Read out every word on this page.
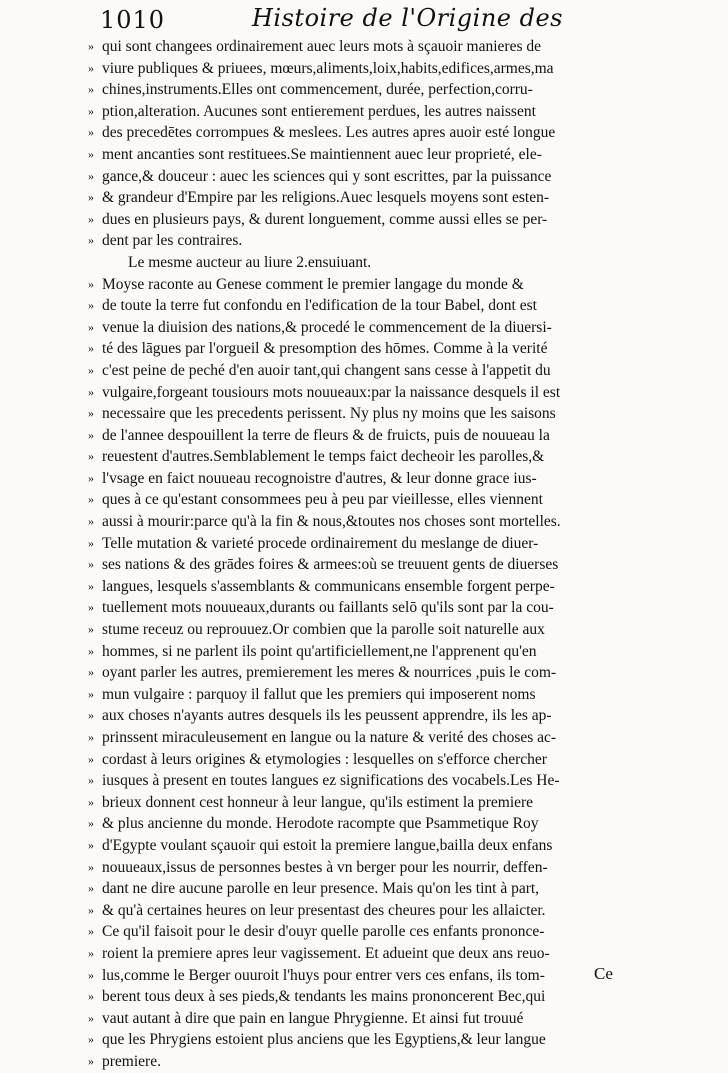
1010	Histoire de l'Origine des
» qui sont changees ordinairement auec leurs mots à sçauoir manieres de
» viure publiques & priuees, mœurs,aliments,loix,habits,edifices,armes,ma
» chines,instruments.Elles ont commencement, durée, perfection,corru-
» ption,alteration. Aucunes sont entierement perdues, les autres naissent
» des precedētes corrompues & meslees. Les autres apres auoir esté longue
» ment ancanties sont restituees.Se maintiennent auec leur proprieté, ele-
» gance,& douceur : auec les sciences qui y sont escrittes, par la puissance
» & grandeur d'Empire par les religions.Auec lesquels moyens sont esten-
» dues en plusieurs pays, & durent longuement, comme aussi elles se per-
» dent par les contraires.
Le mesme aucteur au liure 2.ensuiuant.
» Moyse raconte au Genese comment le premier langage du monde &
» de toute la terre fut confondu en l'edification de la tour Babel, dont est
» venue la diuision des nations,& procedé le commencement de la diuersi-
» té des lāgues par l'orgueil & presomption des hōmes. Comme à la verité
» c'est peine de peché d'en auoir tant,qui changent sans cesse à l'appetit du
» vulgaire,forgeant tousiours mots nouueaux:par la naissance desquels il est
» necessaire que les precedents perissent. Ny plus ny moins que les saisons
» de l'annee despouillent la terre de fleurs & de fruicts, puis de nouueau la
» reuestent d'autres.Semblablement le temps faict decheoir les parolles,&
» l'vsage en faict nouueau recognoistre d'autres, & leur donne grace ius-
» ques à ce qu'estant consommees peu à peu par vieillesse, elles viennent
» aussi à mourir:parce qu'à la fin & nous,&toutes nos choses sont mortelles.
» Telle mutation & varieté procede ordinairement du meslange de diuer-
» ses nations & des grādes foires & armees:où se treuuent gents de diuerses
» langues, lesquels s'assemblants & communicans ensemble forgent perpe-
» tuellement mots nouueaux,durants ou faillants selō qu'ils sont par la cou-
» stume receuz ou reprouuez.Or combien que la parolle soit naturelle aux
» hommes, si ne parlent ils point qu'artificiellement,ne l'apprenent qu'en
» oyant parler les autres, premierement les meres & nourrices ,puis le com-
» mun vulgaire : parquoy il fallut que les premiers qui imposerent noms
» aux choses n'ayants autres desquels ils les peussent apprendre, ils les ap-
» prinssent miraculeusement en langue ou la nature & verité des choses ac-
» cordast à leurs origines & etymologies : lesquelles on s'efforce chercher
» iusques à present en toutes langues ez significations des vocabels.Les He-
» brieux donnent cest honneur à leur langue, qu'ils estiment la premiere
» & plus ancienne du monde. Herodote racompte que Psammetique Roy
» d'Egypte voulant sçauoir qui estoit la premiere langue,bailla deux enfans
» nouueaux,issus de personnes bestes à vn berger pour les nourrir, deffen-
» dant ne dire aucune parolle en leur presence. Mais qu'on les tint à part,
» & qu'à certaines heures on leur presentast des cheures pour les allaicter.
» Ce qu'il faisoit pour le desir d'ouyr quelle parolle ces enfants prononce-
» roient la premiere apres leur vagissement. Et adueint que deux ans reuo-
» lus,comme le Berger ouuroit l'huys pour entrer vers ces enfans, ils tom-
» berent tous deux à ses pieds,& tendants les mains prononcerent Bec,qui
» vaut autant à dire que pain en langue Phrygienne. Et ainsi fut trouué
» que les Phrygiens estoient plus anciens que les Egyptiens,& leur langue
» premiere.
Ce
